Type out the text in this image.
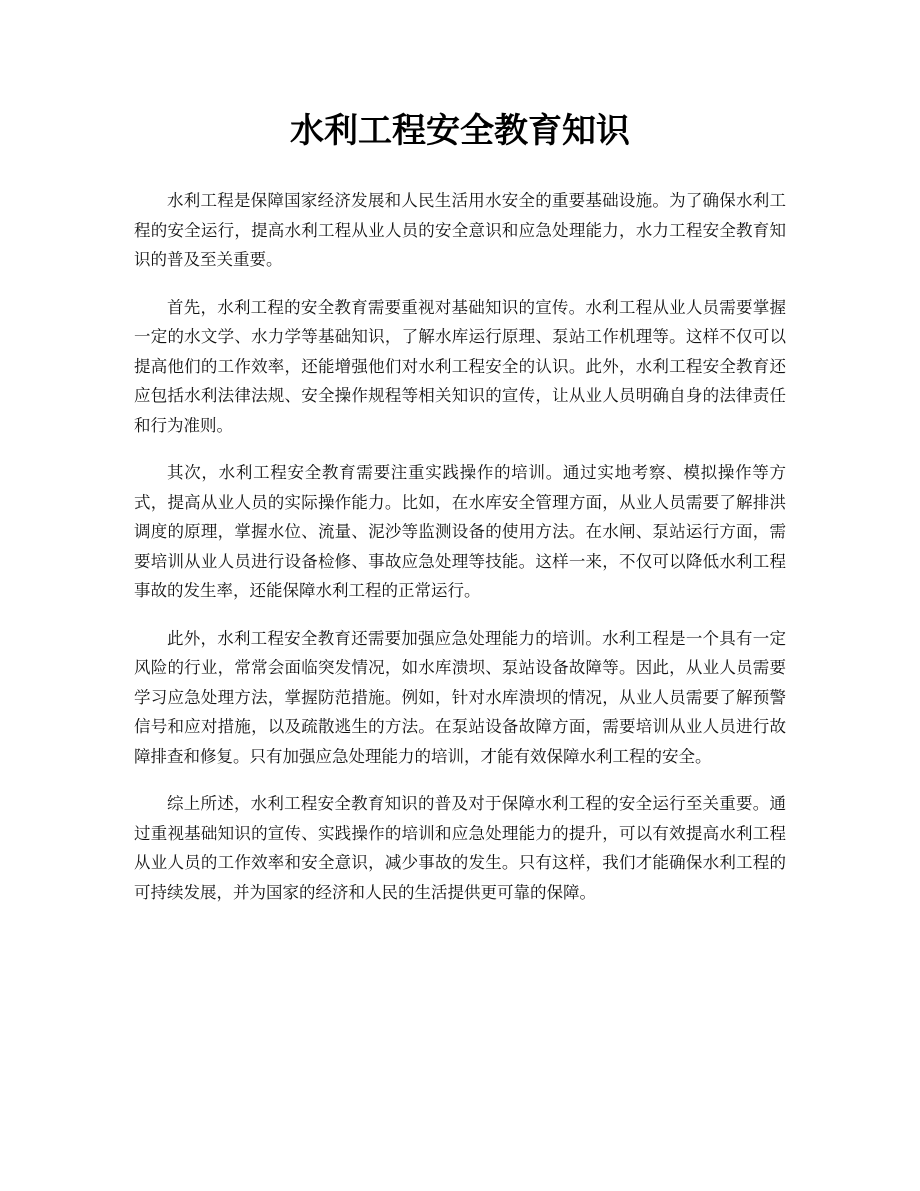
水利工程安全教育知识

水利工程是保障国家经济发展和人民生活用水安全的重要基础设施。为了确保水利工程的安全运行，提高水利工程从业人员的安全意识和应急处理能力，水力工程安全教育知识的普及至关重要。

首先，水利工程的安全教育需要重视对基础知识的宣传。水利工程从业人员需要掌握一定的水文学、水力学等基础知识，了解水库运行原理、泵站工作机理等。这样不仅可以提高他们的工作效率，还能增强他们对水利工程安全的认识。此外，水利工程安全教育还应包括水利法律法规、安全操作规程等相关知识的宣传，让从业人员明确自身的法律责任和行为准则。

其次，水利工程安全教育需要注重实践操作的培训。通过实地考察、模拟操作等方式，提高从业人员的实际操作能力。比如，在水库安全管理方面，从业人员需要了解排洪调度的原理，掌握水位、流量、泥沙等监测设备的使用方法。在水闸、泵站运行方面，需要培训从业人员进行设备检修、事故应急处理等技能。这样一来，不仅可以降低水利工程事故的发生率，还能保障水利工程的正常运行。

此外，水利工程安全教育还需要加强应急处理能力的培训。水利工程是一个具有一定风险的行业，常常会面临突发情况，如水库溃坝、泵站设备故障等。因此，从业人员需要学习应急处理方法，掌握防范措施。例如，针对水库溃坝的情况，从业人员需要了解预警信号和应对措施，以及疏散逃生的方法。在泵站设备故障方面，需要培训从业人员进行故障排查和修复。只有加强应急处理能力的培训，才能有效保障水利工程的安全。

综上所述，水利工程安全教育知识的普及对于保障水利工程的安全运行至关重要。通过重视基础知识的宣传、实践操作的培训和应急处理能力的提升，可以有效提高水利工程从业人员的工作效率和安全意识，减少事故的发生。只有这样，我们才能确保水利工程的可持续发展，并为国家的经济和人民的生活提供更可靠的保障。
